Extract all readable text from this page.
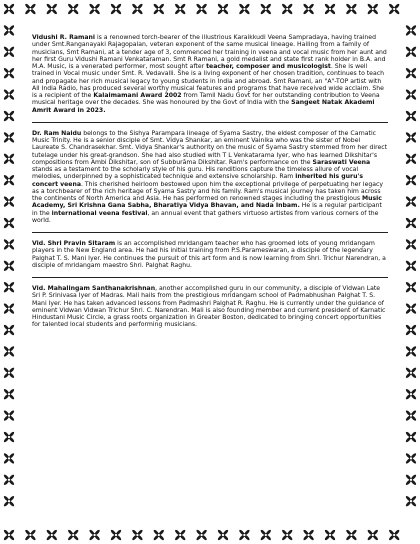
Vidushi R. Ramani is a renowned torch-bearer of the illustrious Karaikkudi Veena Sampradaya, having trained under Smt.Ranganayaki Rajagopalan, veteran exponent of the same musical lineage. Hailing from a family of musicians, Smt Ramani, at a tender age of 3, commenced her training in veena and vocal music from her aunt and her first Guru Vidushi Ramani Venkataraman. Smt R Ramani, a gold medalist and state first rank holder in B.A. and M.A. Music, is a venerated performer, most sought after teacher, composer and musicologist. She is well trained in Vocal music under Smt. R. Vedavalli. She is a living exponent of her chosen tradition, continues to teach and propagate her rich musical legacy to young students in India and abroad. Smt Ramani, an "A"-TOP artist with All India Radio, has produced several worthy musical features and programs that have received wide acclaim. She is a recipient of the Kalaimamani Award 2002 from Tamil Nadu Govt for her outstanding contribution to Veena musical heritage over the decades. She was honoured by the Govt of India with the Sangeet Natak Akademi Amrit Award in 2023.

Dr. Ram Naidu belongs to the Sishya Parampara lineage of Syama Sastry, the eldest composer of the Carnatic Music Trinity. He is a senior disciple of Smt. Vidya Shankar, an eminent Vainika who was the sister of Nobel Laureate S. Chandrasekhar. Smt. Vidya Shankar's authority on the music of Syama Sastry stemmed from her direct tutelage under his great-grandson. She had also studied with T L Venkatarama Iyer, who has learned Dikshitar's compositions from Ambi Dikshitar, son of Subburāma Dikshitar. Ram's performance on the Saraswati Veena stands as a testament to the scholarly style of his guru. His renditions capture the timeless allure of vocal melodies, underpinned by a sophisticated technique and extensive scholarship. Ram inherited his guru's concert veena. This cherished heirloom bestowed upon him the exceptional privilege of perpetuating her legacy as a torchbearer of the rich heritage of Syama Sastry and his family. Ram's musical journey has taken him across the continents of North America and Asia. He has performed on renowned stages including the prestigious Music Academy, Sri Krishna Gana Sabha, Bharatiya Vidya Bhavan, and Nada Inbam. He is a regular participant in the international veena festival, an annual event that gathers virtuoso artistes from various corners of the world.

Vid. Shri Pravin Sitaram is an accomplished mridangam teacher who has groomed lots of young mridangam players in the New England area. He had his initial training from P.S.Parameswaran, a disciple of the legendary Palghat T. S. Mani Iyer. He continues the pursuit of this art form and is now learning from Shri. Trichur Narendran, a disciple of mridangam maestro Shri. Palghat Raghu.

Vid. Mahalingam Santhanakrishnan, another accomplished guru in our community, a disciple of Vidwan Late Sri P. Srinivasa Iyer of Madras. Mali hails from the prestigious mridangam school of Padmabhushan Palghat T. S. Mani Iyer. He has taken advanced lessons from Padmashri Palghat R. Raghu. He is currently under the guidance of eminent Vidwan Vidwan Trichur Shri. C. Narendran. Mali is also founding member and current president of Karnatic Hindustani Music Circle, a grass roots organization in Greater Boston, dedicated to bringing concert opportunities for talented local students and performing musicians.
